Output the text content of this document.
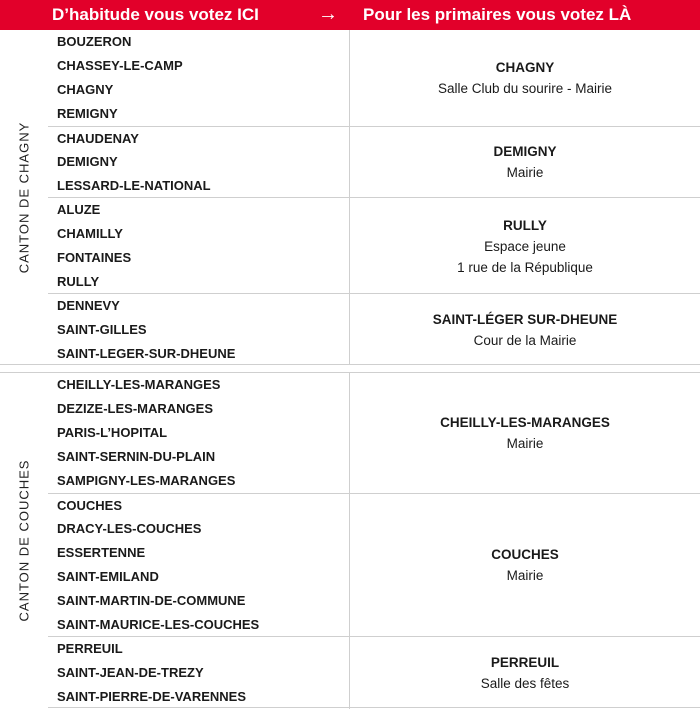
D’habitude vous votez ICI	→ Pour les primaires vous votez LÀ
CANTON DE CHAGNY
BOUZERON
CHASSEY-LE-CAMP
CHAGNY
REMIGNY
CHAGNY
Salle Club du sourire - Mairie
CHAUDENAY
DEMIGNY
LESSARD-LE-NATIONAL
DEMIGNY
Mairie
ALUZE
CHAMILLY
FONTAINES
RULLY
RULLY
Espace jeune
1 rue de la République
DENNEVY
SAINT-GILLES
SAINT-LEGER-SUR-DHEUNE
SAINT-LÉGER SUR-DHEUNE
Cour de la Mairie
CANTON DE COUCHES
CHEILLY-LES-MARANGES
DEZIZE-LES-MARANGES
PARIS-L’HOPITAL
SAINT-SERNIN-DU-PLAIN
SAMPIGNY-LES-MARANGES
CHEILLY-LES-MARANGES
Mairie
COUCHES
DRACY-LES-COUCHES
ESSERTENNE
SAINT-EMILAND
SAINT-MARTIN-DE-COMMUNE
SAINT-MAURICE-LES-COUCHES
COUCHES
Mairie
PERREUIL
SAINT-JEAN-DE-TREZY
SAINT-PIERRE-DE-VARENNES
PERREUIL
Salle des fêtes
